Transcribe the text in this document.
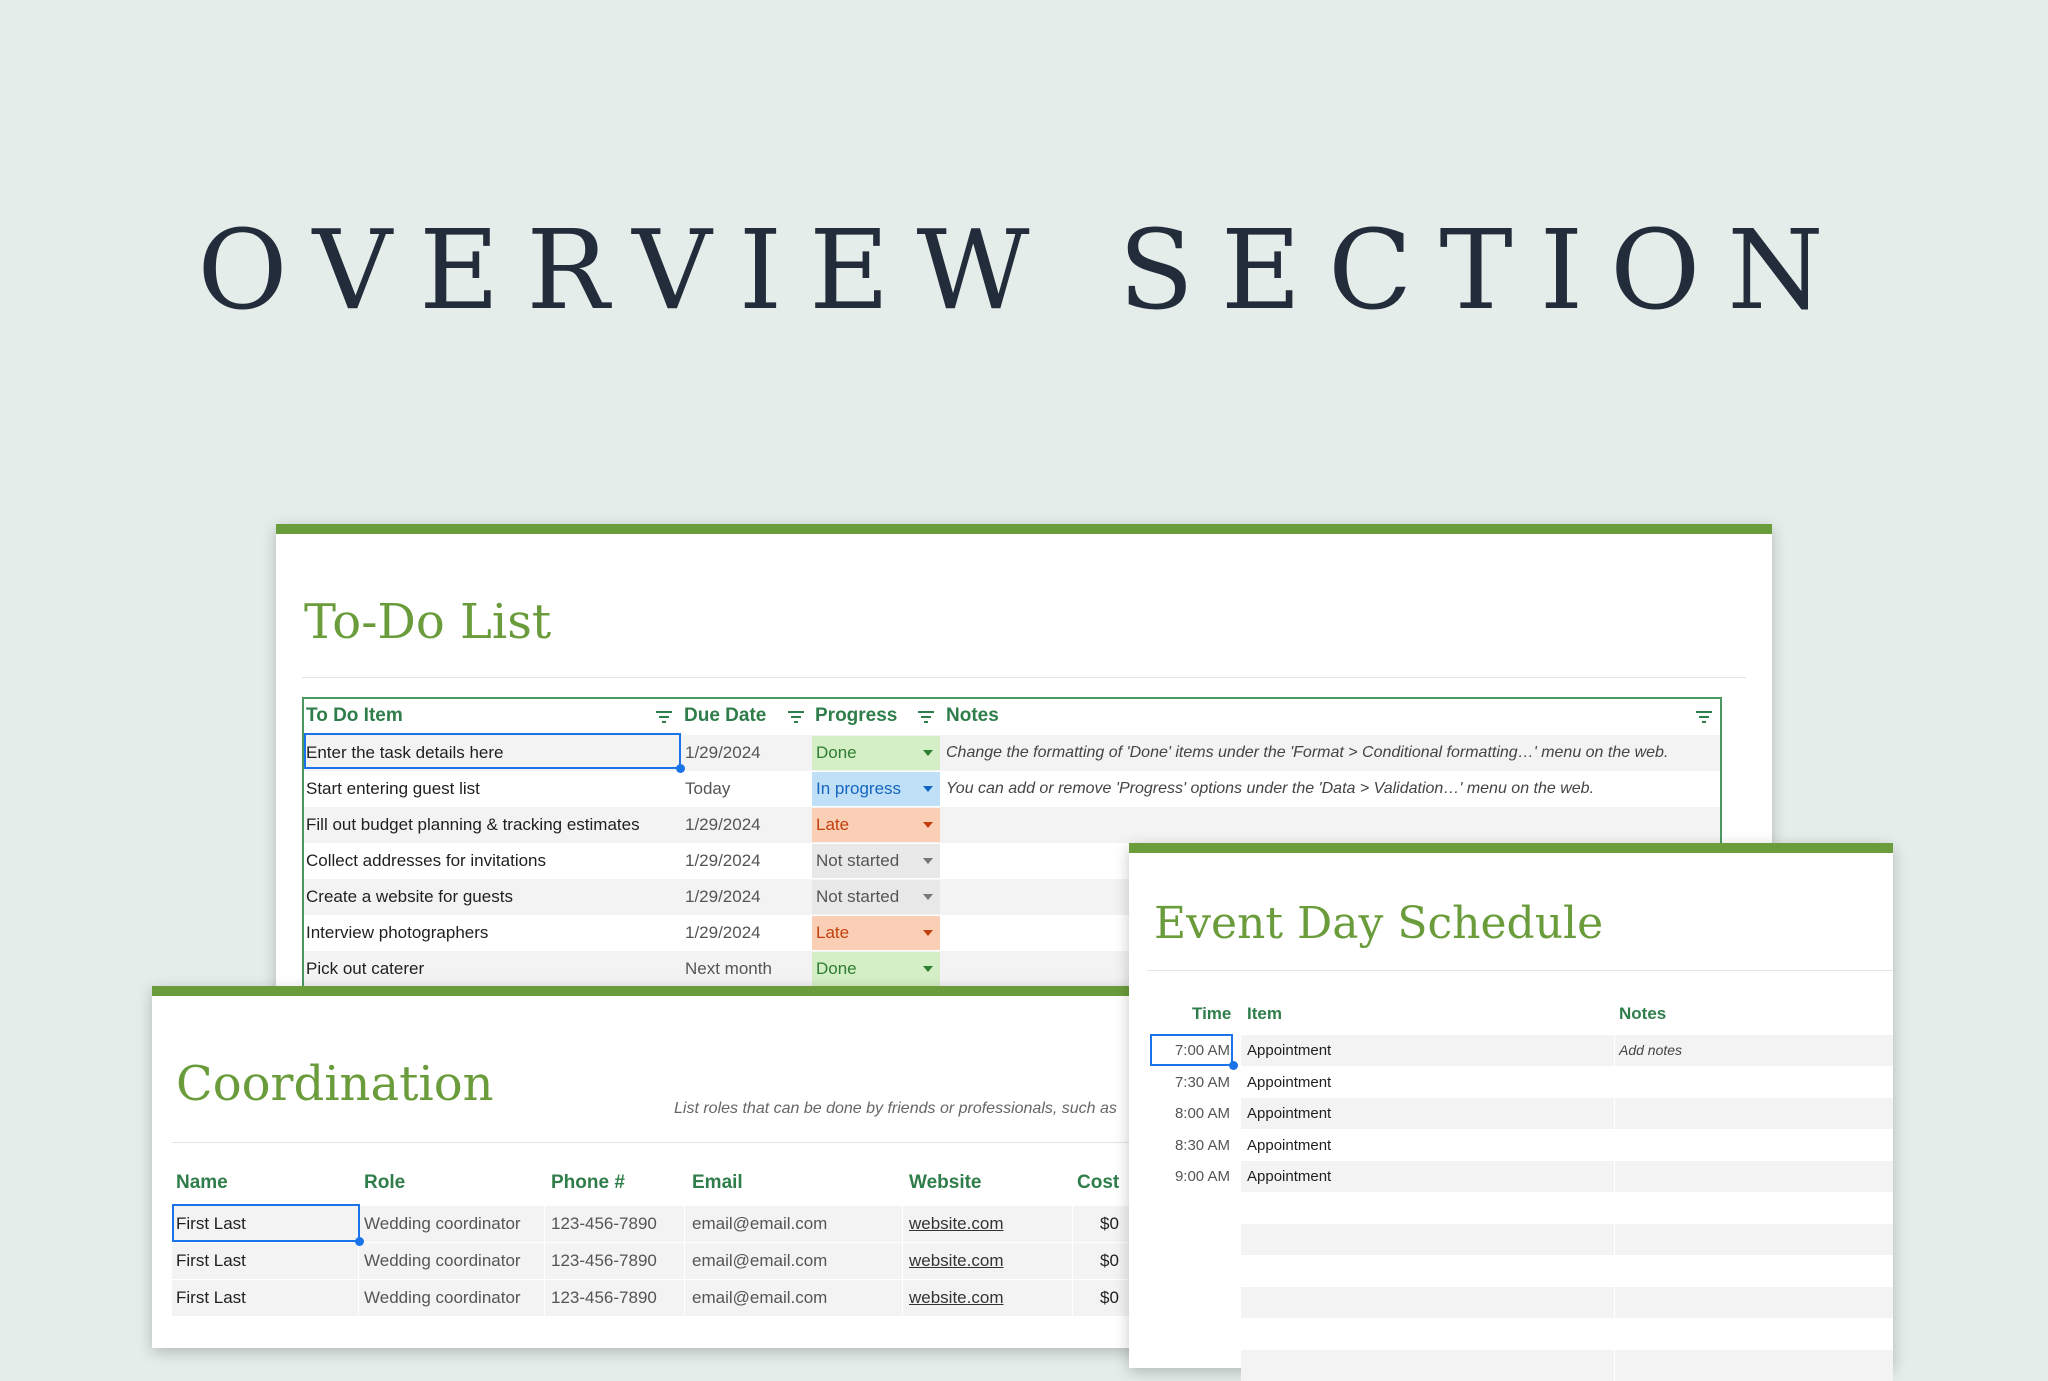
OVERVIEW SECTION
To-Do List
To Do Item	Due Date	Progress	Notes
Enter the task details here	1/29/2024	Done	Change the formatting of 'Done' items under the 'Format > Conditional formatting…' menu on the web.
Start entering guest list	Today	In progress	You can add or remove 'Progress' options under the 'Data > Validation…' menu on the web.
Fill out budget planning & tracking estimates	1/29/2024	Late
Collect addresses for invitations	1/29/2024	Not started
Create a website for guests	1/29/2024	Not started
Interview photographers	1/29/2024	Late
Pick out caterer	Next month	Done
Coordination	List roles that can be done by friends or professionals, such as
Name	Role	Phone #	Email	Website	Cost
First Last	Wedding coordinator 123-456-7890 email@email.com	website.com	$0
First Last	Wedding coordinator 123-456-7890 email@email.com	website.com	$0
First Last	Wedding coordinator 123-456-7890 email@email.com	website.com	$0
Event Day Schedule
Time Item	Notes
7:00 AM Appointment	Add notes
7:30 AM Appointment
8:00 AM Appointment
8:30 AM Appointment
9:00 AM Appointment
